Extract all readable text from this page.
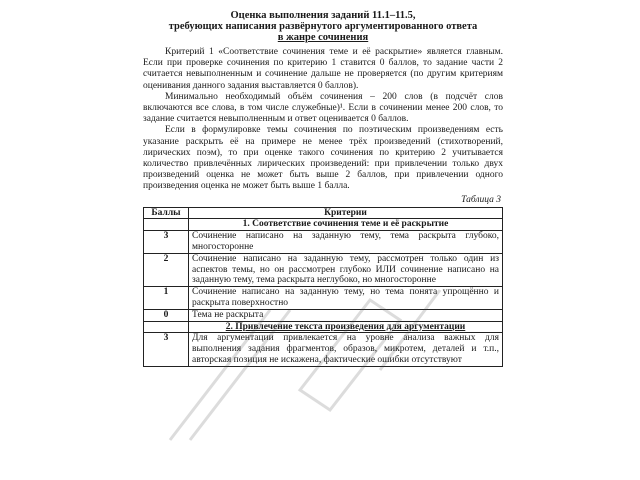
Оценка выполнения заданий 11.1–11.5,
требующих написания развёрнутого аргументированного ответа
в жанре сочинения

Критерий 1 «Соответствие сочинения теме и её раскрытие» является главным. Если при проверке сочинения по критерию 1 ставится 0 баллов, то задание части 2 считается невыполненным и сочинение дальше не проверяется (по другим критериям оценивания данного задания выставляется 0 баллов).

Минимально необходимый объём сочинения – 200 слов (в подсчёт слов включаются все слова, в том числе служебные)¹. Если в сочинении менее 200 слов, то задание считается невыполненным и ответ оценивается 0 баллов.

Если в формулировке темы сочинения по поэтическим произведениям есть указание раскрыть её на примере не менее трёх произведений (стихотворений, лирических поэм), то при оценке такого сочинения по критерию 2 учитывается количество привлечённых лирических произведений: при привлечении только двух произведений оценка не может быть выше 2 баллов, при привлечении одного произведения оценка не может быть выше 1 балла.

Таблица 3
Баллы	Критерии
	1. Соответствие сочинения теме и её раскрытие
3	Сочинение написано на заданную тему, тема раскрыта глубоко, многосторонне
2	Сочинение написано на заданную тему, рассмотрен только один из аспектов темы, но он рассмотрен глубоко ИЛИ сочинение написано на заданную тему, тема раскрыта неглубоко, но многосторонне
1	Сочинение написано на заданную тему, но тема понята упрощённо и раскрыта поверхностно
0	Тема не раскрыта
	2. Привлечение текста произведения для аргументации
3	Для аргументации привлекается на уровне анализа важных для выполнения задания фрагментов, образов, микротем, деталей и т.п., авторская позиция не искажена, фактические ошибки отсутствуют
